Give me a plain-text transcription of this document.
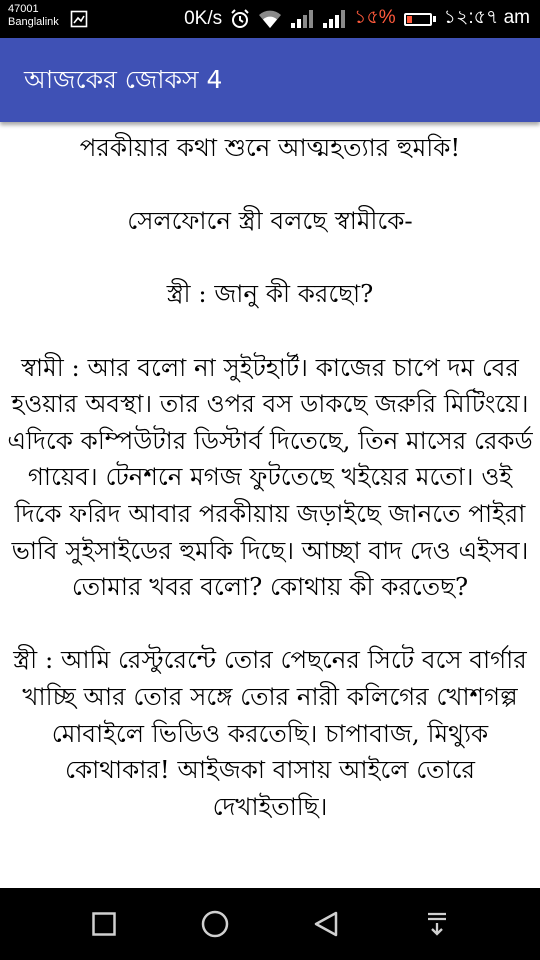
47001
Banglalink	0K/s	১৫%	১২:৫৭ am
আজকের জোকস 4

পরকীয়ার কথা শুনে আত্মহত্যার হুমকি!

সেলফোনে স্ত্রী বলছে স্বামীকে-

স্ত্রী : জানু কী করছো?

স্বামী : আর বলো না সুইটহার্ট। কাজের চাপে দম বের হওয়ার অবস্থা। তার ওপর বস ডাকছে জরুরি মিটিংয়ে। এদিকে কম্পিউটার ডিস্টার্ব দিতেছে, তিন মাসের রেকর্ড গায়েব। টেনশনে মগজ ফুটতেছে খইয়ের মতো। ওই দিকে ফরিদ আবার পরকীয়ায় জড়াইছে জানতে পাইরা ভাবি সুইসাইডের হুমকি দিছে। আচ্ছা বাদ দেও এইসব। তোমার খবর বলো? কোথায় কী করতেছ?

স্ত্রী : আমি রেস্টুরেন্টে তোর পেছনের সিটে বসে বার্গার খাচ্ছি আর তোর সঙ্গে তোর নারী কলিগের খোশগল্প মোবাইলে ভিডিও করতেছি। চাপাবাজ, মিথ্যুক কোথাকার! আইজকা বাসায় আইলে তোরে দেখাইতাছি।
